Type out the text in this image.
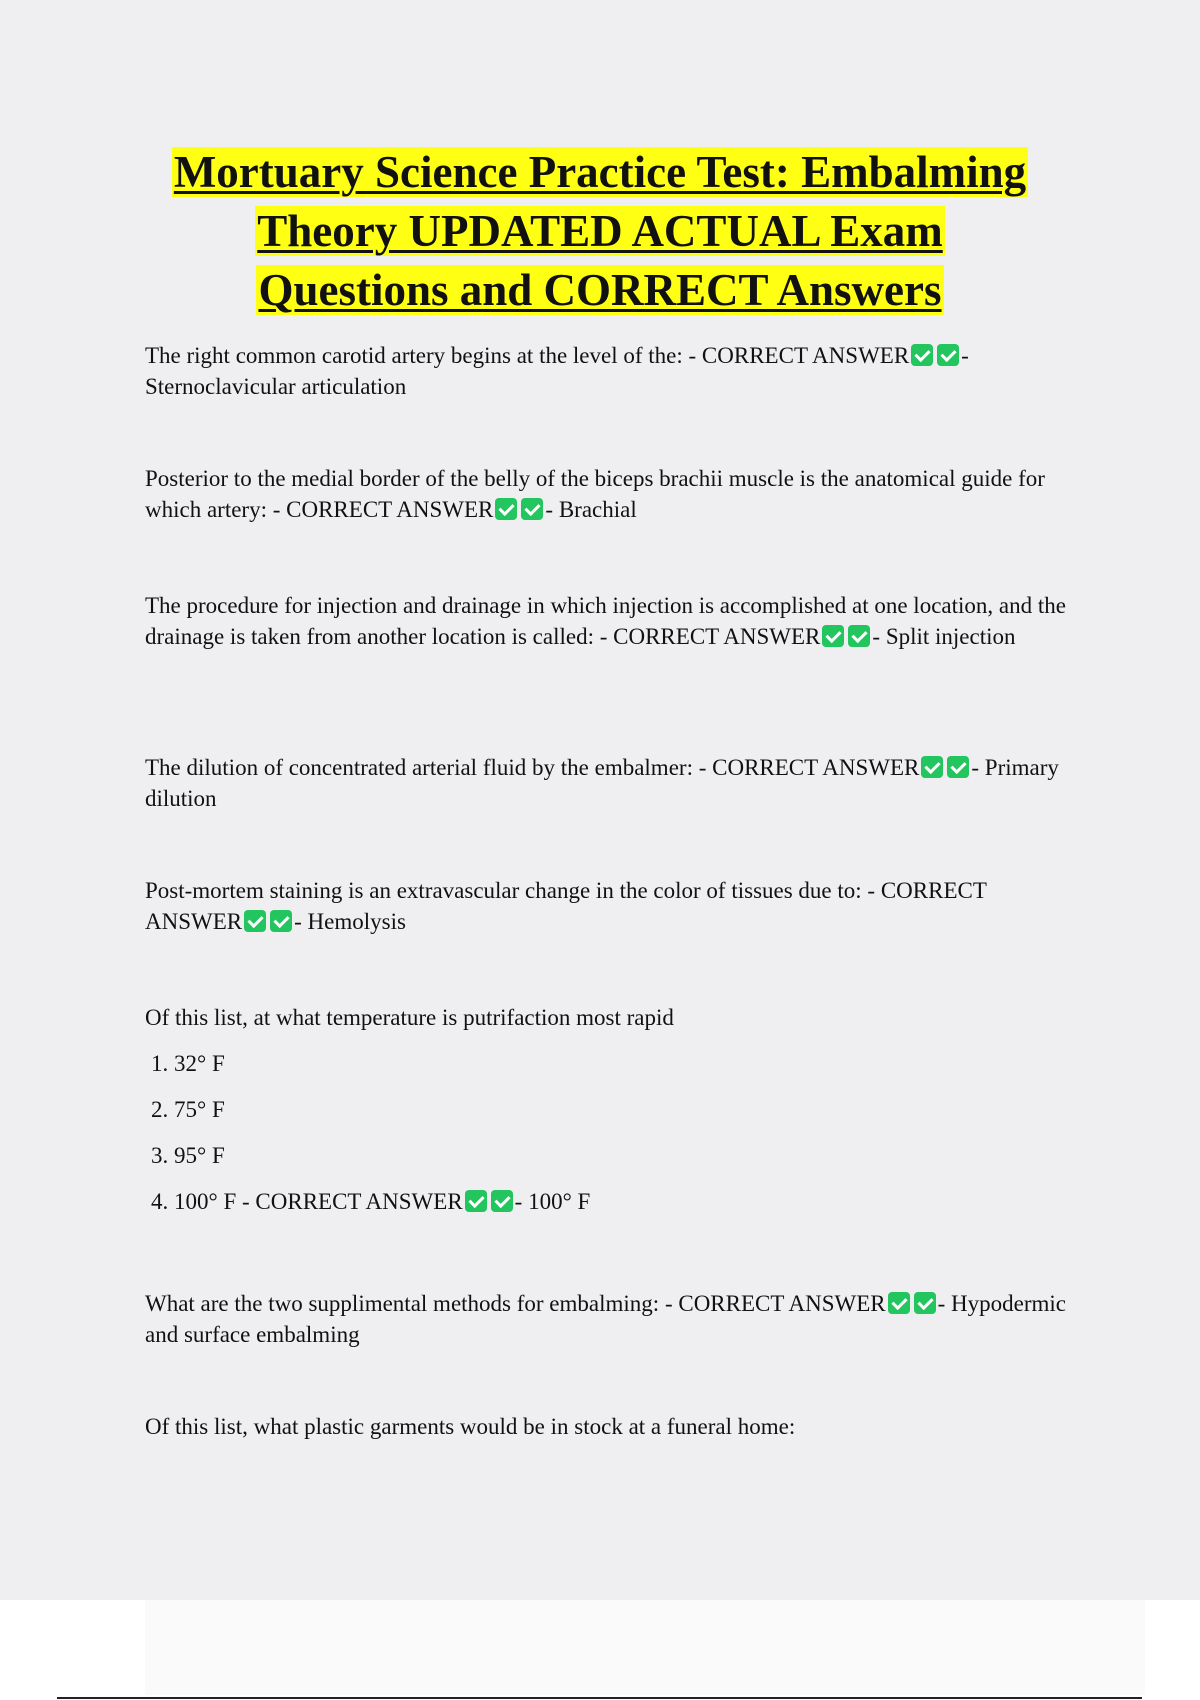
Mortuary Science Practice Test: Embalming
Theory UPDATED ACTUAL Exam
Questions and CORRECT Answers

The right common carotid artery begins at the level of the: - CORRECT ANSWER - Sternoclavicular articulation

Posterior to the medial border of the belly of the biceps brachii muscle is the anatomical guide for which artery: - CORRECT ANSWER - Brachial

The procedure for injection and drainage in which injection is accomplished at one location, and the drainage is taken from another location is called: - CORRECT ANSWER - Split injection

The dilution of concentrated arterial fluid by the embalmer: - CORRECT ANSWER - Primary dilution

Post-mortem staining is an extravascular change in the color of tissues due to: - CORRECT ANSWER - Hemolysis

Of this list, at what temperature is putrifaction most rapid

1. 32° F
2. 75° F
3. 95° F
4. 100° F - CORRECT ANSWER - 100° F

What are the two supplimental methods for embalming: - CORRECT ANSWER - Hypodermic and surface embalming

Of this list, what plastic garments would be in stock at a funeral home:
